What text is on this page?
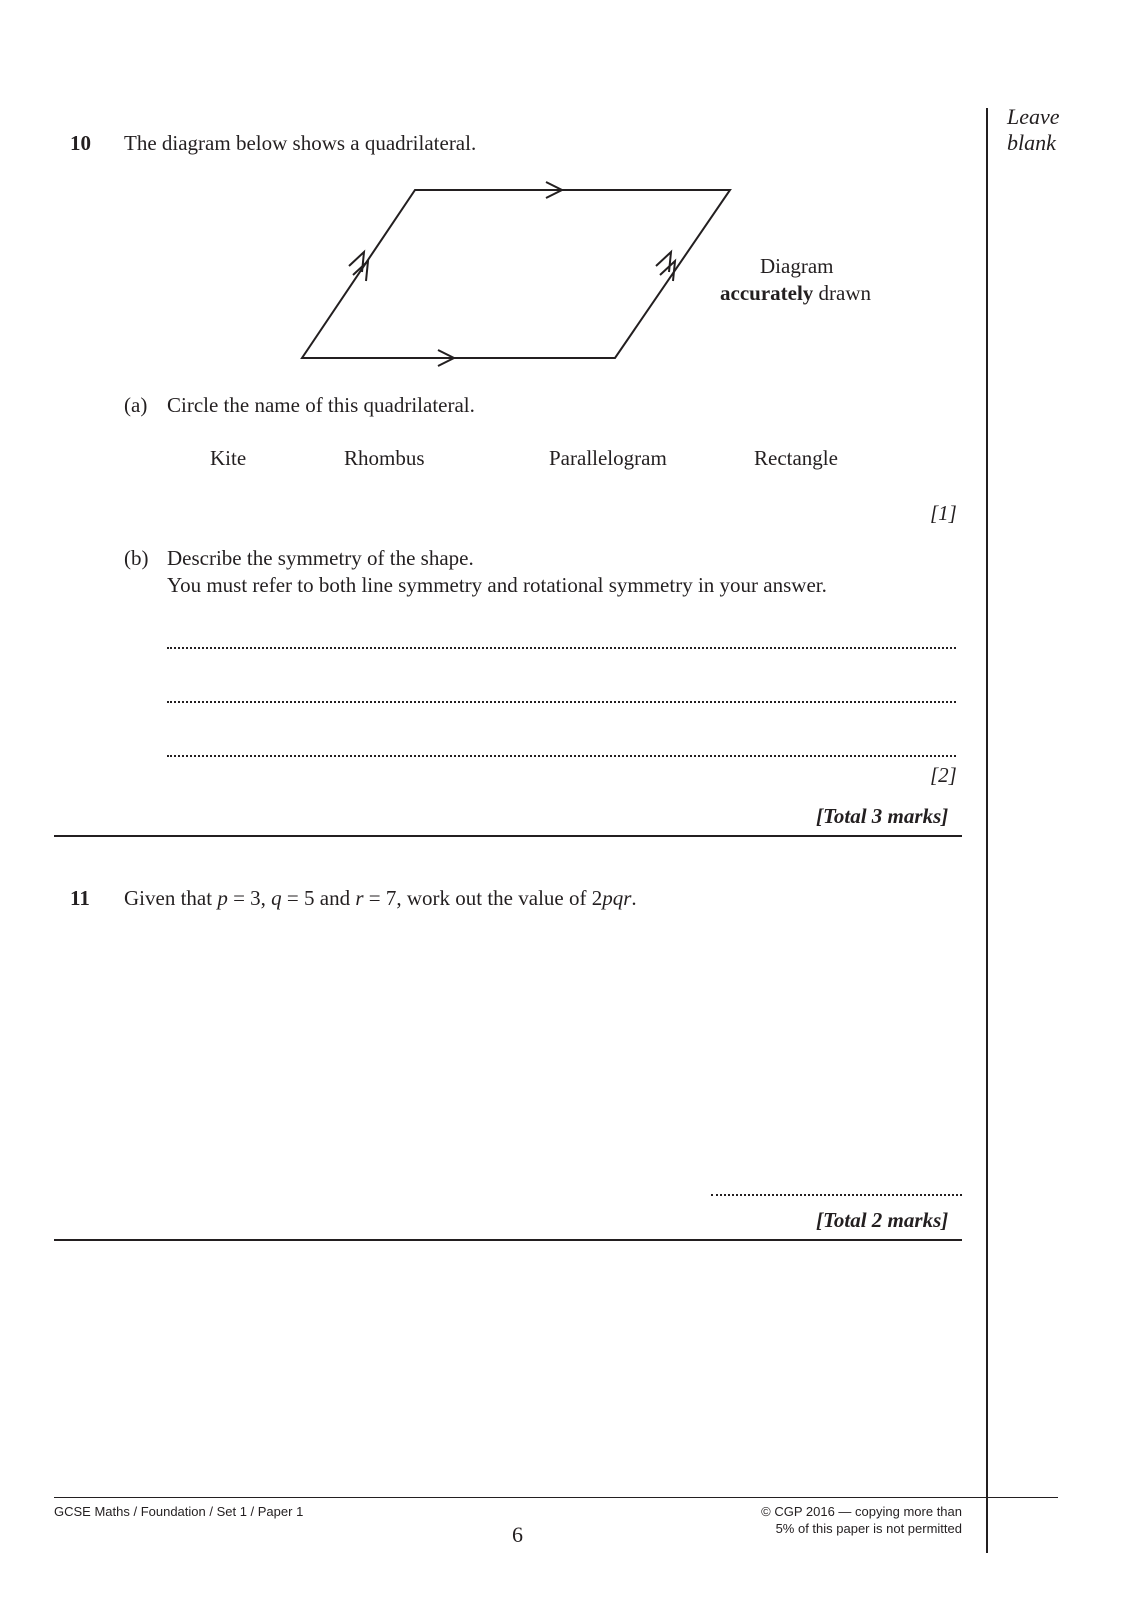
Leave
blank
10 The diagram below shows a quadrilateral.
Diagram
accurately drawn
(a) Circle the name of this quadrilateral.
Kite	Rhombus	Parallelogram	Rectangle
[1]
(b) Describe the symmetry of the shape.
You must refer to both line symmetry and rotational symmetry in your answer.
[2]
[Total 3 marks]
11 Given that p = 3, q = 5 and r = 7, work out the value of 2pqr.
[Total 2 marks]
GCSE Maths / Foundation / Set 1 / Paper 1
6
© CGP 2016 — copying more than
5% of this paper is not permitted
